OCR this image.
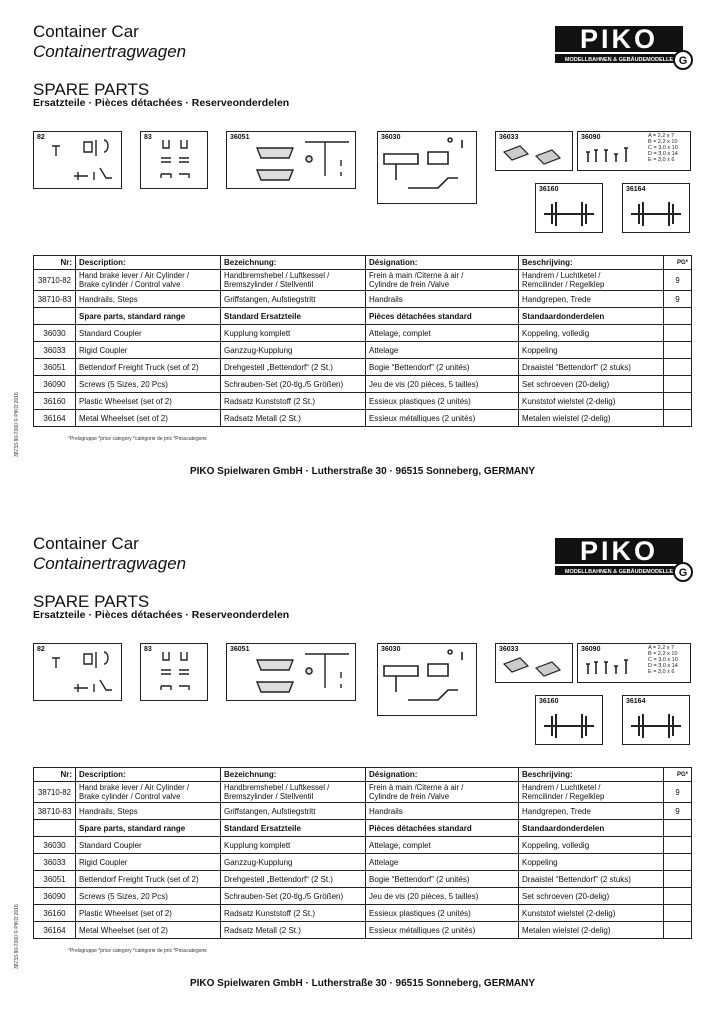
Container Car
Containertragwagen
SPARE PARTS
Ersatzteile · Pièces détachées · Reserveonderdelen
PIKO
MODELLBAHNEN & GEBÄUDEMODELLE G
82	83	36051	36030	36033	36090	A = 2,2 x 7
B = 2,2 x 10
C = 3,0 x 10
D = 3,0 x 14
E = 3,0 x 6
36160	36164
Nr:	Description:	Bezeichnung:	Désignation:	Beschrijving:	PG*
38710-82	Hand brake lever / Air Cylinder /
Brake cylinder / Control valve	Handbremshebel / Luftkessel /
Bremszylinder / Stellventil	Frein à main /Citerne à air /
Cylindre de frein /Valve	Handrem / Luchtketel /
Remcilinder / Regelklep	9
38710-83	Handrails, Steps	Griffstangen, Aufstiegstritt	Handrails	Handgrepen, Trede	9
	Spare parts, standard range	Standard Ersatzteile	Pièces détachées standard	Standaardonderdelen	
36030	Standard Coupler	Kupplung komplett	Attelage, complet	Koppeling, volledig	
36033	Rigid Coupler	Ganzzug-Kupplung	Attelage	Koppeling	
36051	Bettendorf Freight Truck (set of 2)	Drehgestell „Bettendorf“ (2 St.)	Bogie “Bettendorf” (2 unités)	Draaistel “Bettendorf” (2 stuks)	
36090	Screws (5 Sizes, 20 Pcs)	Schrauben-Set (20-tlg./5 Größen)	Jeu de vis (20 pièces, 5 tailles)	Set schroeven (20-delig)	
36160	Plastic Wheelset (set of 2)	Radsatz Kunststoff (2 St.)	Essieux plastiques (2 unités)	Kunststof wielstel (2-delig)	
36164	Metal Wheelset (set of 2)	Radsatz Metall (2 St.)	Essieux métalliques (2 unités)	Metalen wielstel (2-delig)	
*Preisgruppe *price category *catégorie de prix *Prisscategorie
PIKO Spielwaren GmbH · Lutherstraße 30 · 96515 Sonneberg, GERMANY
38733-90-7000 © PIKO 2016
Container Car
Containertragwagen
SPARE PARTS
Ersatzteile · Pièces détachées · Reserveonderdelen
PIKO
MODELLBAHNEN & GEBÄUDEMODELLE G
82	83	36051	36030	36033	36090	A = 2,2 x 7
B = 2,2 x 10
C = 3,0 x 10
D = 3,0 x 14
E = 3,0 x 6
36160	36164
Nr:	Description:	Bezeichnung:	Désignation:	Beschrijving:	PG*
38710-82	Hand brake lever / Air Cylinder /
Brake cylinder / Control valve	Handbremshebel / Luftkessel /
Bremszylinder / Stellventil	Frein à main /Citerne à air /
Cylindre de frein /Valve	Handrem / Luchtketel /
Remcilinder / Regelklep	9
38710-83	Handrails, Steps	Griffstangen, Aufstiegstritt	Handrails	Handgrepen, Trede	9
	Spare parts, standard range	Standard Ersatzteile	Pièces détachées standard	Standaardonderdelen	
36030	Standard Coupler	Kupplung komplett	Attelage, complet	Koppeling, volledig	
36033	Rigid Coupler	Ganzzug-Kupplung	Attelage	Koppeling	
36051	Bettendorf Freight Truck (set of 2)	Drehgestell „Bettendorf“ (2 St.)	Bogie “Bettendorf” (2 unités)	Draaistel “Bettendorf” (2 stuks)	
36090	Screws (5 Sizes, 20 Pcs)	Schrauben-Set (20-tlg./5 Größen)	Jeu de vis (20 pièces, 5 tailles)	Set schroeven (20-delig)	
36160	Plastic Wheelset (set of 2)	Radsatz Kunststoff (2 St.)	Essieux plastiques (2 unités)	Kunststof wielstel (2-delig)	
36164	Metal Wheelset (set of 2)	Radsatz Metall (2 St.)	Essieux métalliques (2 unités)	Metalen wielstel (2-delig)	
*Preisgruppe *price category *catégorie de prix *Prisscategorie
PIKO Spielwaren GmbH · Lutherstraße 30 · 96515 Sonneberg, GERMANY
38733-90-7000 © PIKO 2016
